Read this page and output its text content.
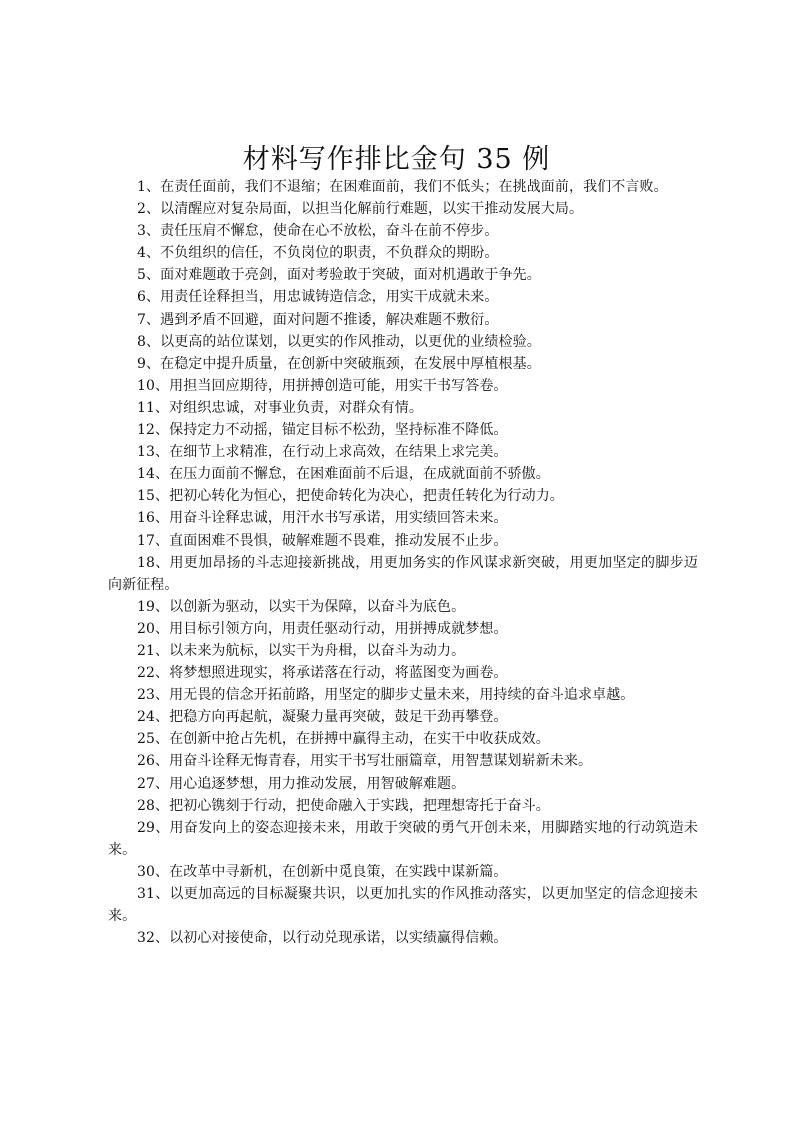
材料写作排比金句 35 例

1、在责任面前，我们不退缩；在困难面前，我们不低头；在挑战面前，我们不言败。

2、以清醒应对复杂局面，以担当化解前行难题，以实干推动发展大局。

3、责任压肩不懈怠，使命在心不放松，奋斗在前不停步。

4、不负组织的信任，不负岗位的职责，不负群众的期盼。

5、面对难题敢于亮剑，面对考验敢于突破，面对机遇敢于争先。

6、用责任诠释担当，用忠诚铸造信念，用实干成就未来。

7、遇到矛盾不回避，面对问题不推诿，解决难题不敷衍。

8、以更高的站位谋划，以更实的作风推动，以更优的业绩检验。

9、在稳定中提升质量，在创新中突破瓶颈，在发展中厚植根基。

10、用担当回应期待，用拼搏创造可能，用实干书写答卷。

11、对组织忠诚，对事业负责，对群众有情。

12、保持定力不动摇，锚定目标不松劲，坚持标准不降低。

13、在细节上求精准，在行动上求高效，在结果上求完美。

14、在压力面前不懈怠，在困难面前不后退，在成就面前不骄傲。

15、把初心转化为恒心，把使命转化为决心，把责任转化为行动力。

16、用奋斗诠释忠诚，用汗水书写承诺，用实绩回答未来。

17、直面困难不畏惧，破解难题不畏难，推动发展不止步。

18、用更加昂扬的斗志迎接新挑战，用更加务实的作风谋求新突破，用更加坚定的脚步迈向新征程。

19、以创新为驱动，以实干为保障，以奋斗为底色。

20、用目标引领方向，用责任驱动行动，用拼搏成就梦想。

21、以未来为航标，以实干为舟楫，以奋斗为动力。

22、将梦想照进现实，将承诺落在行动，将蓝图变为画卷。

23、用无畏的信念开拓前路，用坚定的脚步丈量未来，用持续的奋斗追求卓越。

24、把稳方向再起航，凝聚力量再突破，鼓足干劲再攀登。

25、在创新中抢占先机，在拼搏中赢得主动，在实干中收获成效。

26、用奋斗诠释无悔青春，用实干书写壮丽篇章，用智慧谋划崭新未来。

27、用心追逐梦想，用力推动发展，用智破解难题。

28、把初心镌刻于行动，把使命融入于实践，把理想寄托于奋斗。

29、用奋发向上的姿态迎接未来，用敢于突破的勇气开创未来，用脚踏实地的行动筑造未来。

30、在改革中寻新机，在创新中觅良策，在实践中谋新篇。

31、以更加高远的目标凝聚共识，以更加扎实的作风推动落实，以更加坚定的信念迎接未来。

32、以初心对接使命，以行动兑现承诺，以实绩赢得信赖。
